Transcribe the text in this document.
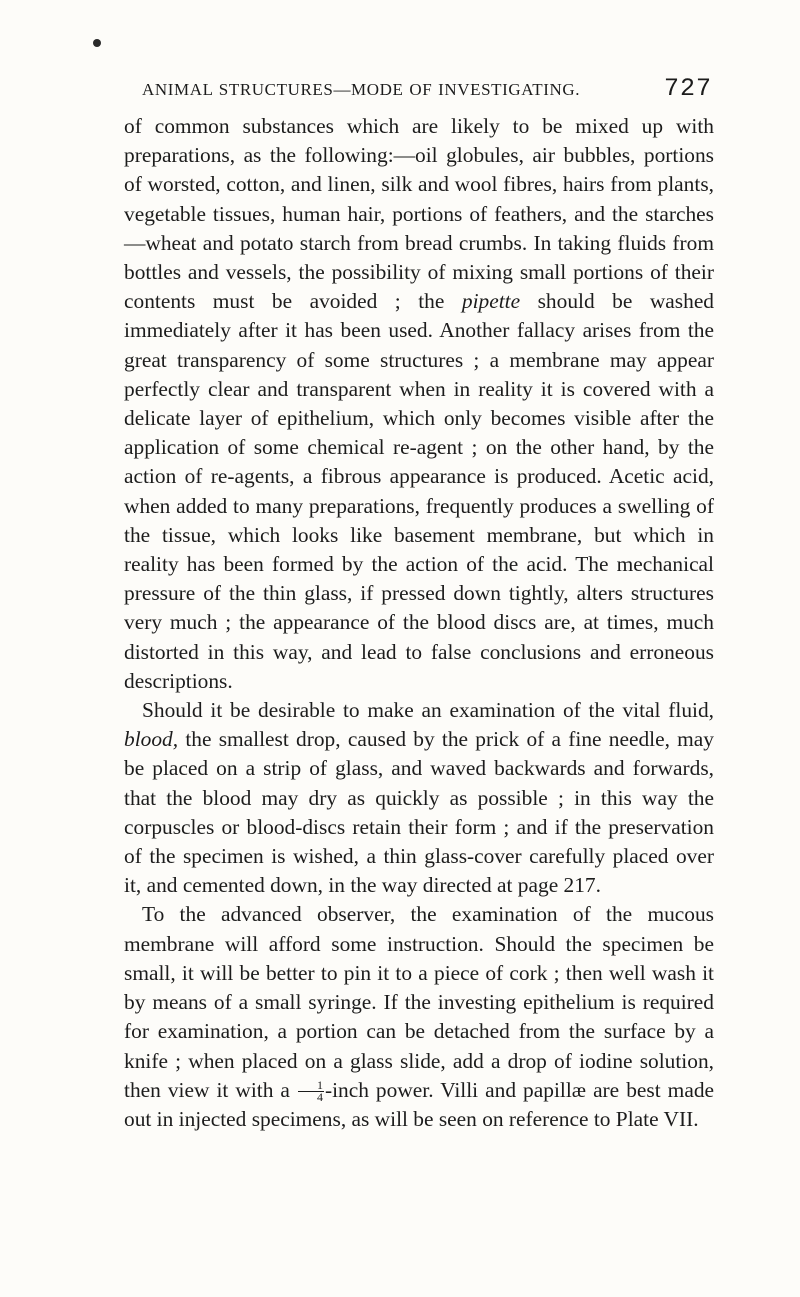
ANIMAL STRUCTURES—MODE OF INVESTIGATING.	727

of common substances which are likely to be mixed up with preparations, as the following:—oil globules, air bubbles, portions of worsted, cotton, and linen, silk and wool fibres, hairs from plants, vegetable tissues, human hair, portions of feathers, and the starches—wheat and potato starch from bread crumbs. In taking fluids from bottles and vessels, the possibility of mixing small portions of their contents must be avoided ; the pipette should be washed immediately after it has been used. Another fallacy arises from the great transparency of some structures ; a membrane may appear perfectly clear and transparent when in reality it is covered with a delicate layer of epithelium, which only becomes visible after the application of some chemical re-agent ; on the other hand, by the action of re-agents, a fibrous appearance is produced. Acetic acid, when added to many preparations, frequently produces a swelling of the tissue, which looks like basement membrane, but which in reality has been formed by the action of the acid. The mechanical pressure of the thin glass, if pressed down tightly, alters structures very much ; the appearance of the blood discs are, at times, much distorted in this way, and lead to false conclusions and erroneous descriptions.

Should it be desirable to make an examination of the vital fluid, blood, the smallest drop, caused by the prick of a fine needle, may be placed on a strip of glass, and waved backwards and forwards, that the blood may dry as quickly as possible ; in this way the corpuscles or blood-discs retain their form ; and if the preservation of the specimen is wished, a thin glass-cover carefully placed over it, and cemented down, in the way directed at page 217.

To the advanced observer, the examination of the mucous membrane will afford some instruction. Should the specimen be small, it will be better to pin it to a piece of cork ; then well wash it by means of a small syringe. If the investing epithelium is required for examination, a portion can be detached from the surface by a knife ; when placed on a glass slide, add a drop of iodine solution, then view it with a $\frac{1}{4}$ -inch power. Villi and papillæ are best made out in injected specimens, as will be seen on reference to Plate VII.
